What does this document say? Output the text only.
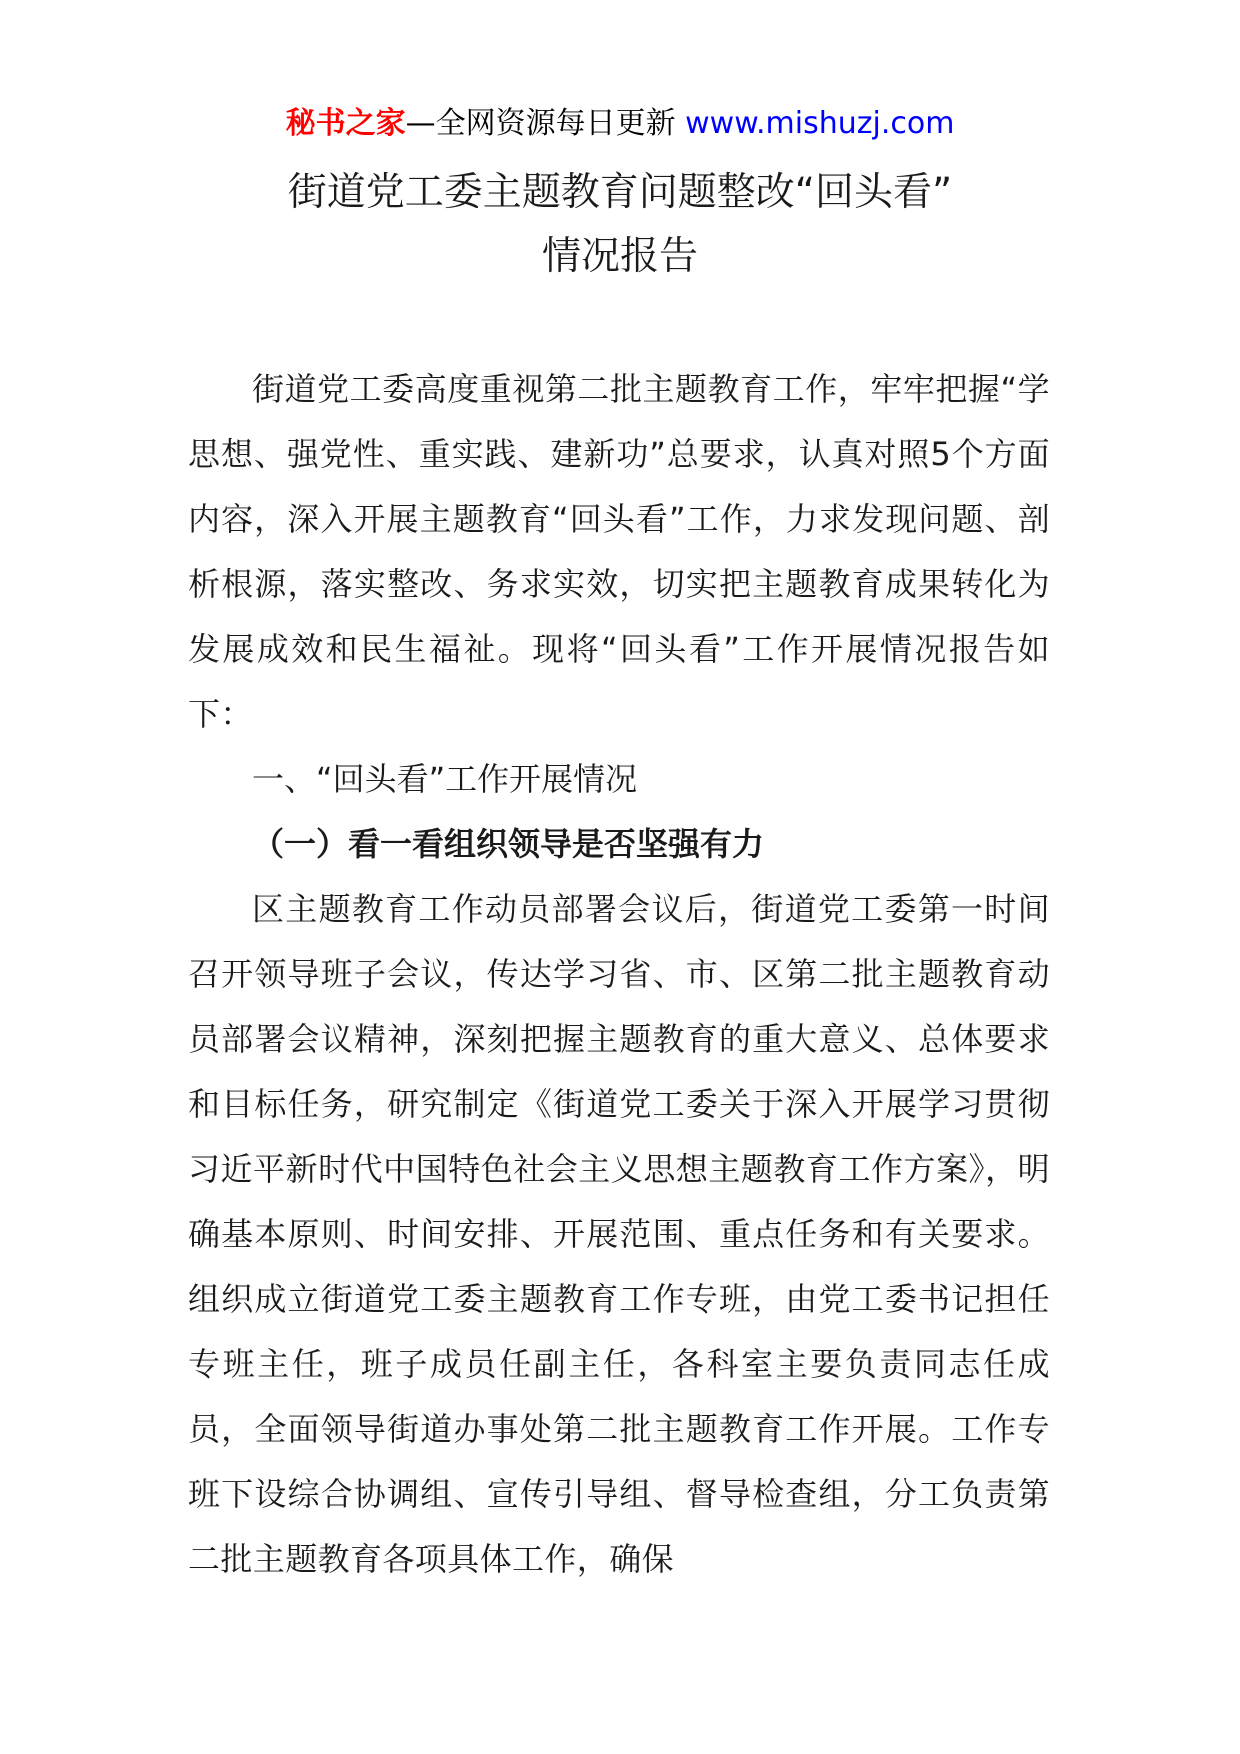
秘书之家—全网资源每日更新 www.mishuzj.com
街道党工委主题教育问题整改“回头看”
情况报告

街道党工委高度重视第二批主题教育工作，牢牢把握“学思想、强党性、重实践、建新功”总要求，认真对照5个方面内容，深入开展主题教育“回头看”工作，力求发现问题、剖析根源，落实整改、务求实效，切实把主题教育成果转化为发展成效和民生福祉。现将“回头看”工作开展情况报告如下：

一、“回头看”工作开展情况

（一）看一看组织领导是否坚强有力

区主题教育工作动员部署会议后，街道党工委第一时间召开领导班子会议，传达学习省、市、区第二批主题教育动员部署会议精神，深刻把握主题教育的重大意义、总体要求和目标任务，研究制定《街道党工委关于深入开展学习贯彻习近平新时代中国特色社会主义思想主题教育工作方案》，明确基本原则、时间安排、开展范围、重点任务和有关要求。组织成立街道党工委主题教育工作专班，由党工委书记担任专班主任，班子成员任副主任，各科室主要负责同志任成员，全面领导街道办事处第二批主题教育工作开展。工作专班下设综合协调组、宣传引导组、督导检查组，分工负责第二批主题教育各项具体工作，确保
